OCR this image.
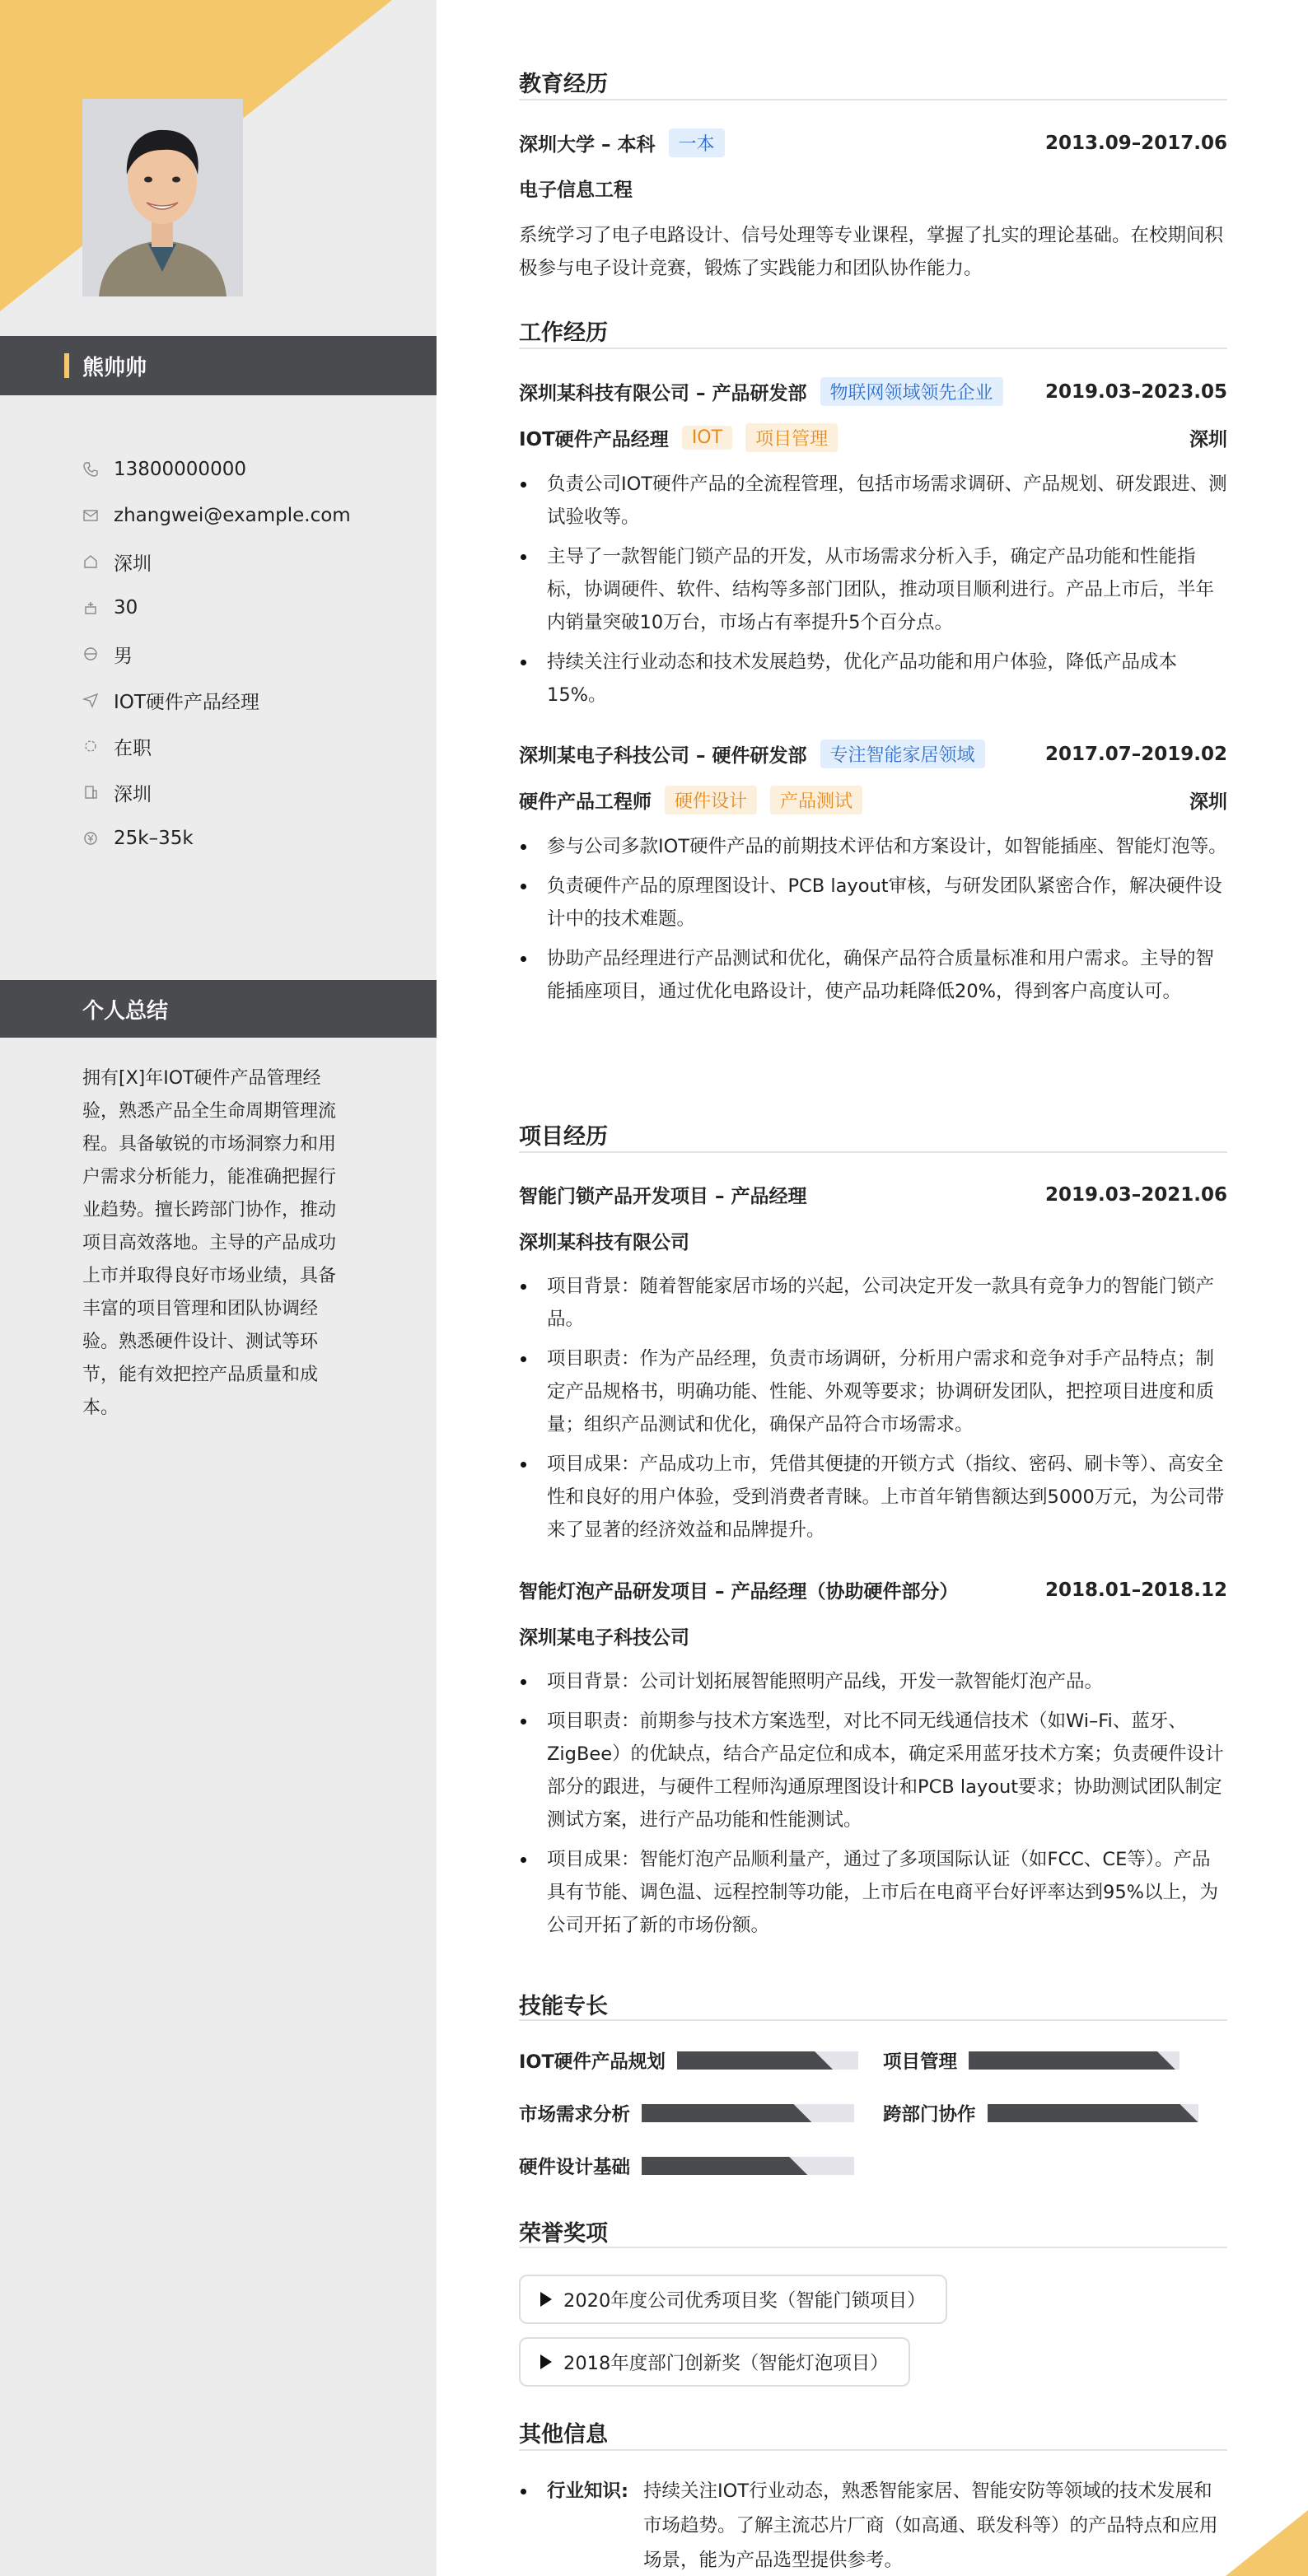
熊帅帅
13800000000
zhangwei@example.com
深圳
30
男
IOT硬件产品经理
在职
深圳
25k–35k
个人总结
拥有[X]年IOT硬件产品管理经验，熟悉产品全生命周期管理流程。具备敏锐的市场洞察力和用户需求分析能力，能准确把握行业趋势。擅长跨部门协作，推动项目高效落地。主导的产品成功上市并取得良好市场业绩，具备丰富的项目管理和团队协调经验。熟悉硬件设计、测试等环节，能有效把控产品质量和成本。
教育经历
深圳大学 – 本科	一本	2013.09–2017.06
电子信息工程
系统学习了电子电路设计、信号处理等专业课程，掌握了扎实的理论基础。在校期间积极参与电子设计竞赛，锻炼了实践能力和团队协作能力。
工作经历
深圳某科技有限公司 – 产品研发部	物联网领域领先企业	2019.03–2023.05
IOT硬件产品经理	IOT	项目管理	深圳
负责公司IOT硬件产品的全流程管理，包括市场需求调研、产品规划、研发跟进、测试验收等。
主导了一款智能门锁产品的开发，从市场需求分析入手，确定产品功能和性能指标，协调硬件、软件、结构等多部门团队，推动项目顺利进行。产品上市后，半年内销量突破10万台，市场占有率提升5个百分点。
持续关注行业动态和技术发展趋势，优化产品功能和用户体验，降低产品成本15%。
深圳某电子科技公司 – 硬件研发部	专注智能家居领域	2017.07–2019.02
硬件产品工程师	硬件设计	产品测试	深圳
参与公司多款IOT硬件产品的前期技术评估和方案设计，如智能插座、智能灯泡等。
负责硬件产品的原理图设计、PCB layout审核，与研发团队紧密合作，解决硬件设计中的技术难题。
协助产品经理进行产品测试和优化，确保产品符合质量标准和用户需求。主导的智能插座项目，通过优化电路设计，使产品功耗降低20%，得到客户高度认可。
项目经历
智能门锁产品开发项目 – 产品经理	2019.03–2021.06
深圳某科技有限公司
项目背景：随着智能家居市场的兴起，公司决定开发一款具有竞争力的智能门锁产品。
项目职责：作为产品经理，负责市场调研，分析用户需求和竞争对手产品特点；制定产品规格书，明确功能、性能、外观等要求；协调研发团队，把控项目进度和质量；组织产品测试和优化，确保产品符合市场需求。
项目成果：产品成功上市，凭借其便捷的开锁方式（指纹、密码、刷卡等）、高安全性和良好的用户体验，受到消费者青睐。上市首年销售额达到5000万元，为公司带来了显著的经济效益和品牌提升。
智能灯泡产品研发项目 – 产品经理（协助硬件部分）	2018.01–2018.12
深圳某电子科技公司
项目背景：公司计划拓展智能照明产品线，开发一款智能灯泡产品。
项目职责：前期参与技术方案选型，对比不同无线通信技术（如Wi–Fi、蓝牙、ZigBee）的优缺点，结合产品定位和成本，确定采用蓝牙技术方案；负责硬件设计部分的跟进，与硬件工程师沟通原理图设计和PCB layout要求；协助测试团队制定测试方案，进行产品功能和性能测试。
项目成果：智能灯泡产品顺利量产，通过了多项国际认证（如FCC、CE等）。产品具有节能、调色温、远程控制等功能，上市后在电商平台好评率达到95%以上，为公司开拓了新的市场份额。
技能专长
IOT硬件产品规划	项目管理
市场需求分析	跨部门协作
硬件设计基础
荣誉奖项
2020年度公司优秀项目奖（智能门锁项目）
2018年度部门创新奖（智能灯泡项目）
其他信息
行业知识: 持续关注IOT行业动态，熟悉智能家居、智能安防等领域的技术发展和市场趋势。了解主流芯片厂商（如高通、联发科等）的产品特点和应用场景，能为产品选型提供参考。
